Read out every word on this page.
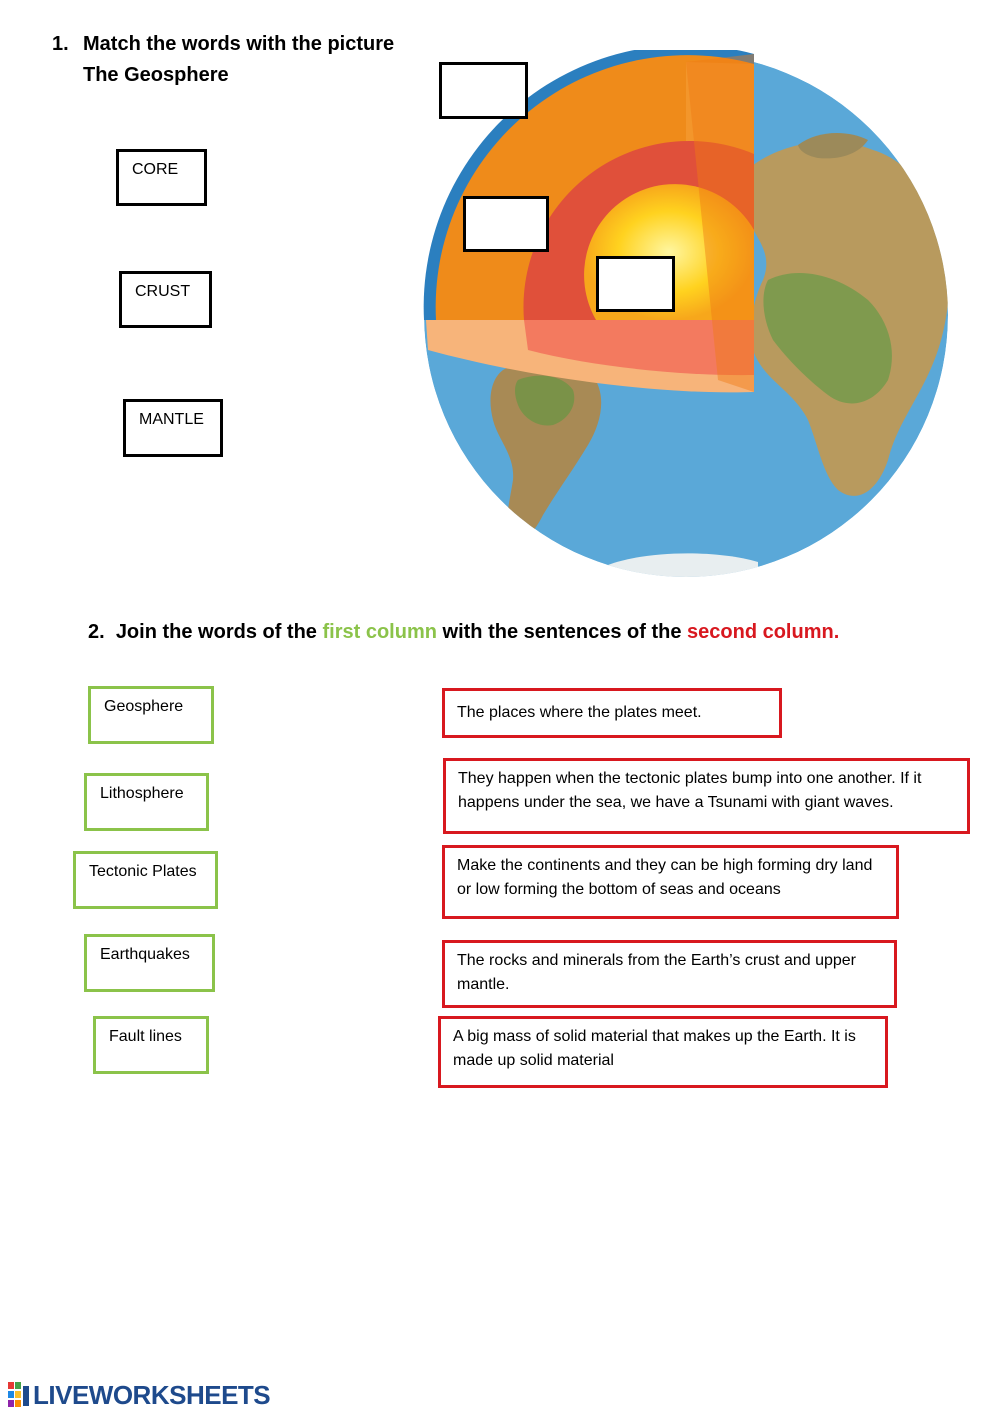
1. Match the words with the picture
The Geosphere
CORE
CRUST
MANTLE
2. Join the words of the first column with the sentences of the second column.
Geosphere
Lithosphere
Tectonic Plates
Earthquakes
Fault lines
The places where the plates meet.
They happen when the tectonic plates bump into one another. If it happens under the sea, we have a Tsunami with giant waves.
Make the continents and they can be high forming dry land or low forming the bottom of seas and oceans
The rocks and minerals from the Earth’s crust and upper mantle.
A big mass of solid material that makes up the Earth. It is made up solid material
LIVEWORKSHEETS
